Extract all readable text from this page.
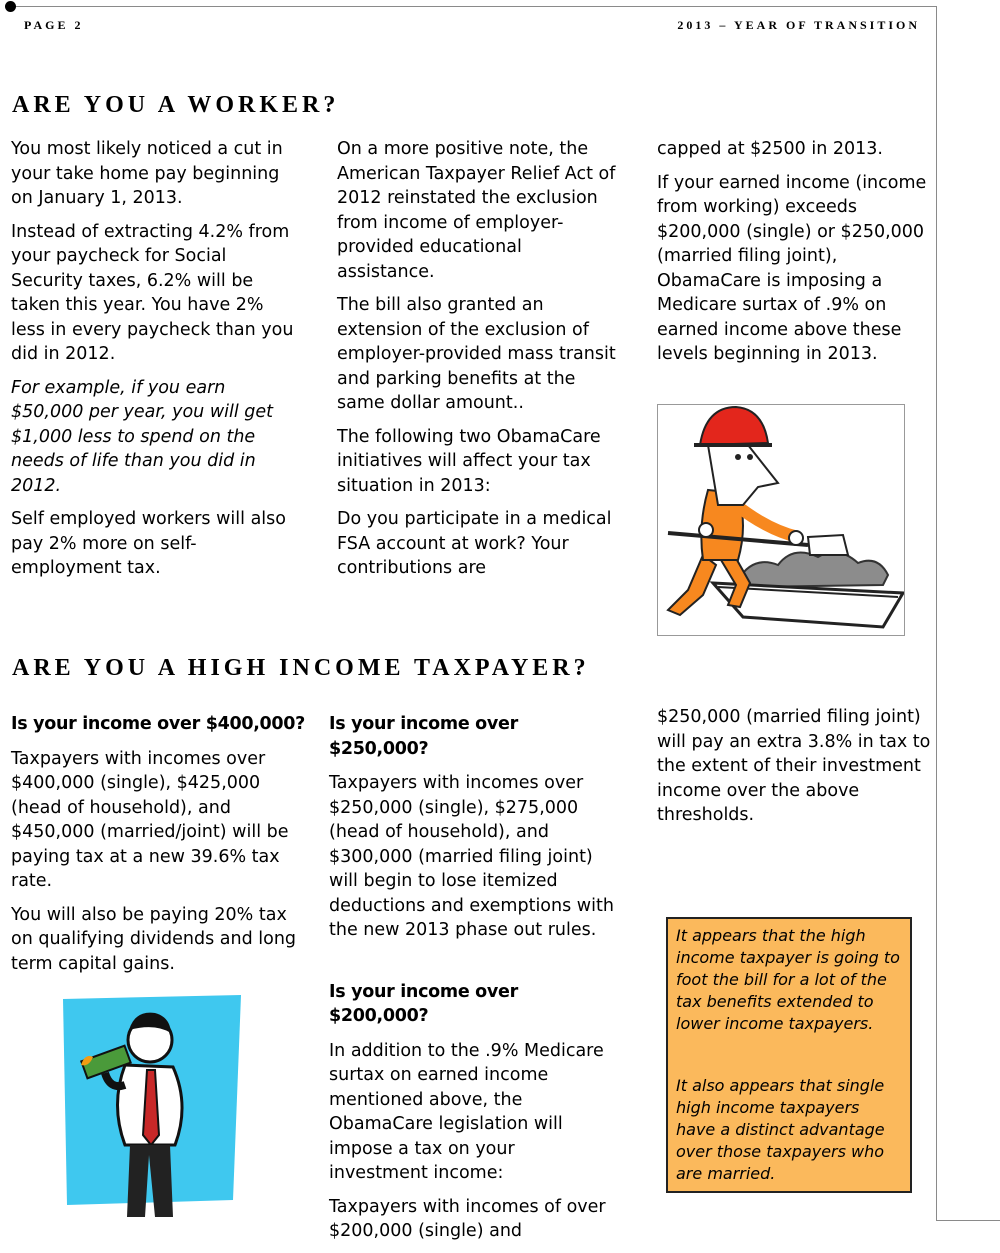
PAGE 2	2013 – YEAR OF TRANSITION
ARE YOU A WORKER?

You most likely noticed a cut in your take home pay beginning on January 1, 2013.

Instead of extracting 4.2% from your paycheck for Social Security taxes, 6.2% will be taken this year. You have 2% less in every paycheck than you did in 2012.

For example, if you earn $50,000 per year, you will get $1,000 less to spend on the needs of life than you did in 2012.

Self employed workers will also pay 2% more on self-employment tax.

On a more positive note, the American Taxpayer Relief Act of 2012 reinstated the exclusion from income of employer-provided educational assistance.

The bill also granted an extension of the exclusion of employer-provided mass transit and parking benefits at the same dollar amount..

The following two ObamaCare initiatives will affect your tax situation in 2013:

Do you participate in a medical FSA account at work? Your contributions are

capped at $2500 in 2013.

If your earned income (income from working) exceeds $200,000 (single) or $250,000 (married filing joint), ObamaCare is imposing a Medicare surtax of .9% on earned income above these levels beginning in 2013.

ARE YOU A HIGH INCOME TAXPAYER?

Is your income over $400,000?

Taxpayers with incomes over $400,000 (single), $425,000 (head of household), and $450,000 (married/joint) will be paying tax at a new 39.6% tax rate.

You will also be paying 20% tax on qualifying dividends and long term capital gains.

Is your income over $250,000?

Taxpayers with incomes over $250,000 (single), $275,000 (head of household), and $300,000 (married filing joint) will begin to lose itemized deductions and exemptions with the new 2013 phase out rules.

Is your income over $200,000?

In addition to the .9% Medicare surtax on earned income mentioned above, the ObamaCare legislation will impose a tax on your investment income:

Taxpayers with incomes of over $200,000 (single) and

$250,000 (married filing joint) will pay an extra 3.8% in tax to the extent of their investment income over the above thresholds.

It appears that the high income taxpayer is going to foot the bill for a lot of the tax benefits extended to lower income taxpayers.

It also appears that single high income taxpayers have a distinct advantage over those taxpayers who are married.
